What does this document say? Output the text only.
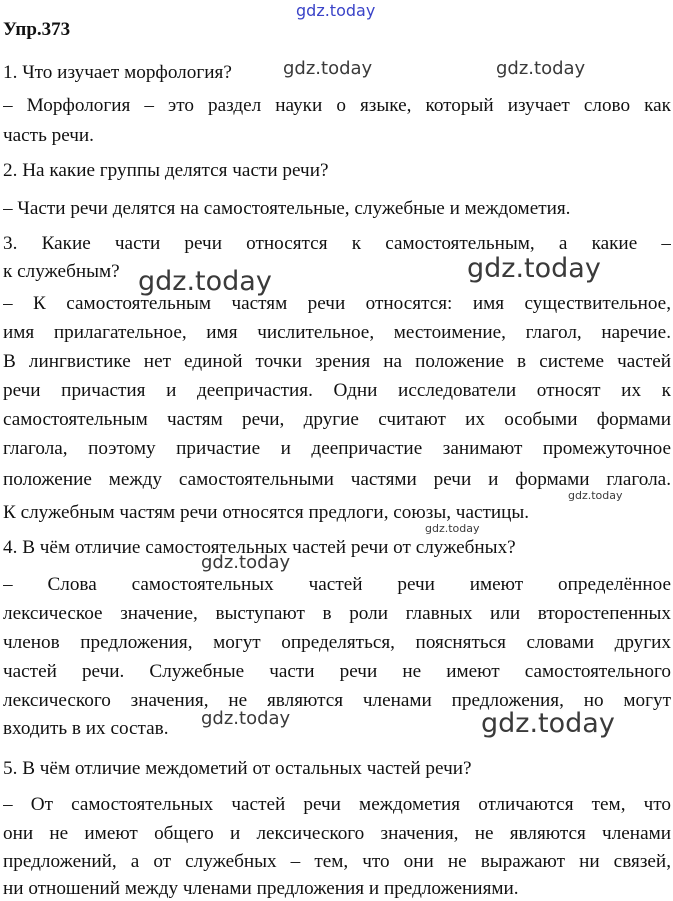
Упр.373
1. Что изучает морфология?
– Морфология – это раздел науки о языке, который изучает слово как
часть речи.
2. На какие группы делятся части речи?
– Части речи делятся на самостоятельные, служебные и междометия.
3. Какие части речи относятся к самостоятельным, а какие –
к служебным?
– К самостоятельным частям речи относятся: имя существительное,
имя прилагательное, имя числительное, местоимение, глагол, наречие.
В лингвистике нет единой точки зрения на положение в системе частей
речи причастия и деепричастия. Одни исследователи относят их к
самостоятельным частям речи, другие считают их особыми формами
глагола, поэтому причастие и деепричастие занимают промежуточное
положение между самостоятельными частями речи и формами глагола.
К служебным частям речи относятся предлоги, союзы, частицы.
4. В чём отличие самостоятельных частей речи от служебных?
– Слова самостоятельных частей речи имеют определённое
лексическое значение, выступают в роли главных или второстепенных
членов предложения, могут определяться, поясняться словами других
частей речи. Служебные части речи не имеют самостоятельного
лексического значения, не являются членами предложения, но могут
входить в их состав.
5. В чём отличие междометий от остальных частей речи?
– От самостоятельных частей речи междометия отличаются тем, что
они не имеют общего и лексического значения, не являются членами
предложений, а от служебных – тем, что они не выражают ни связей,
ни отношений между членами предложения и предложениями.
gdz.today
gdz.today	gdz.today
gdz.today	gdz.today
gdz.today
gdz.today
gdz.today
gdz.today	gdz.today
